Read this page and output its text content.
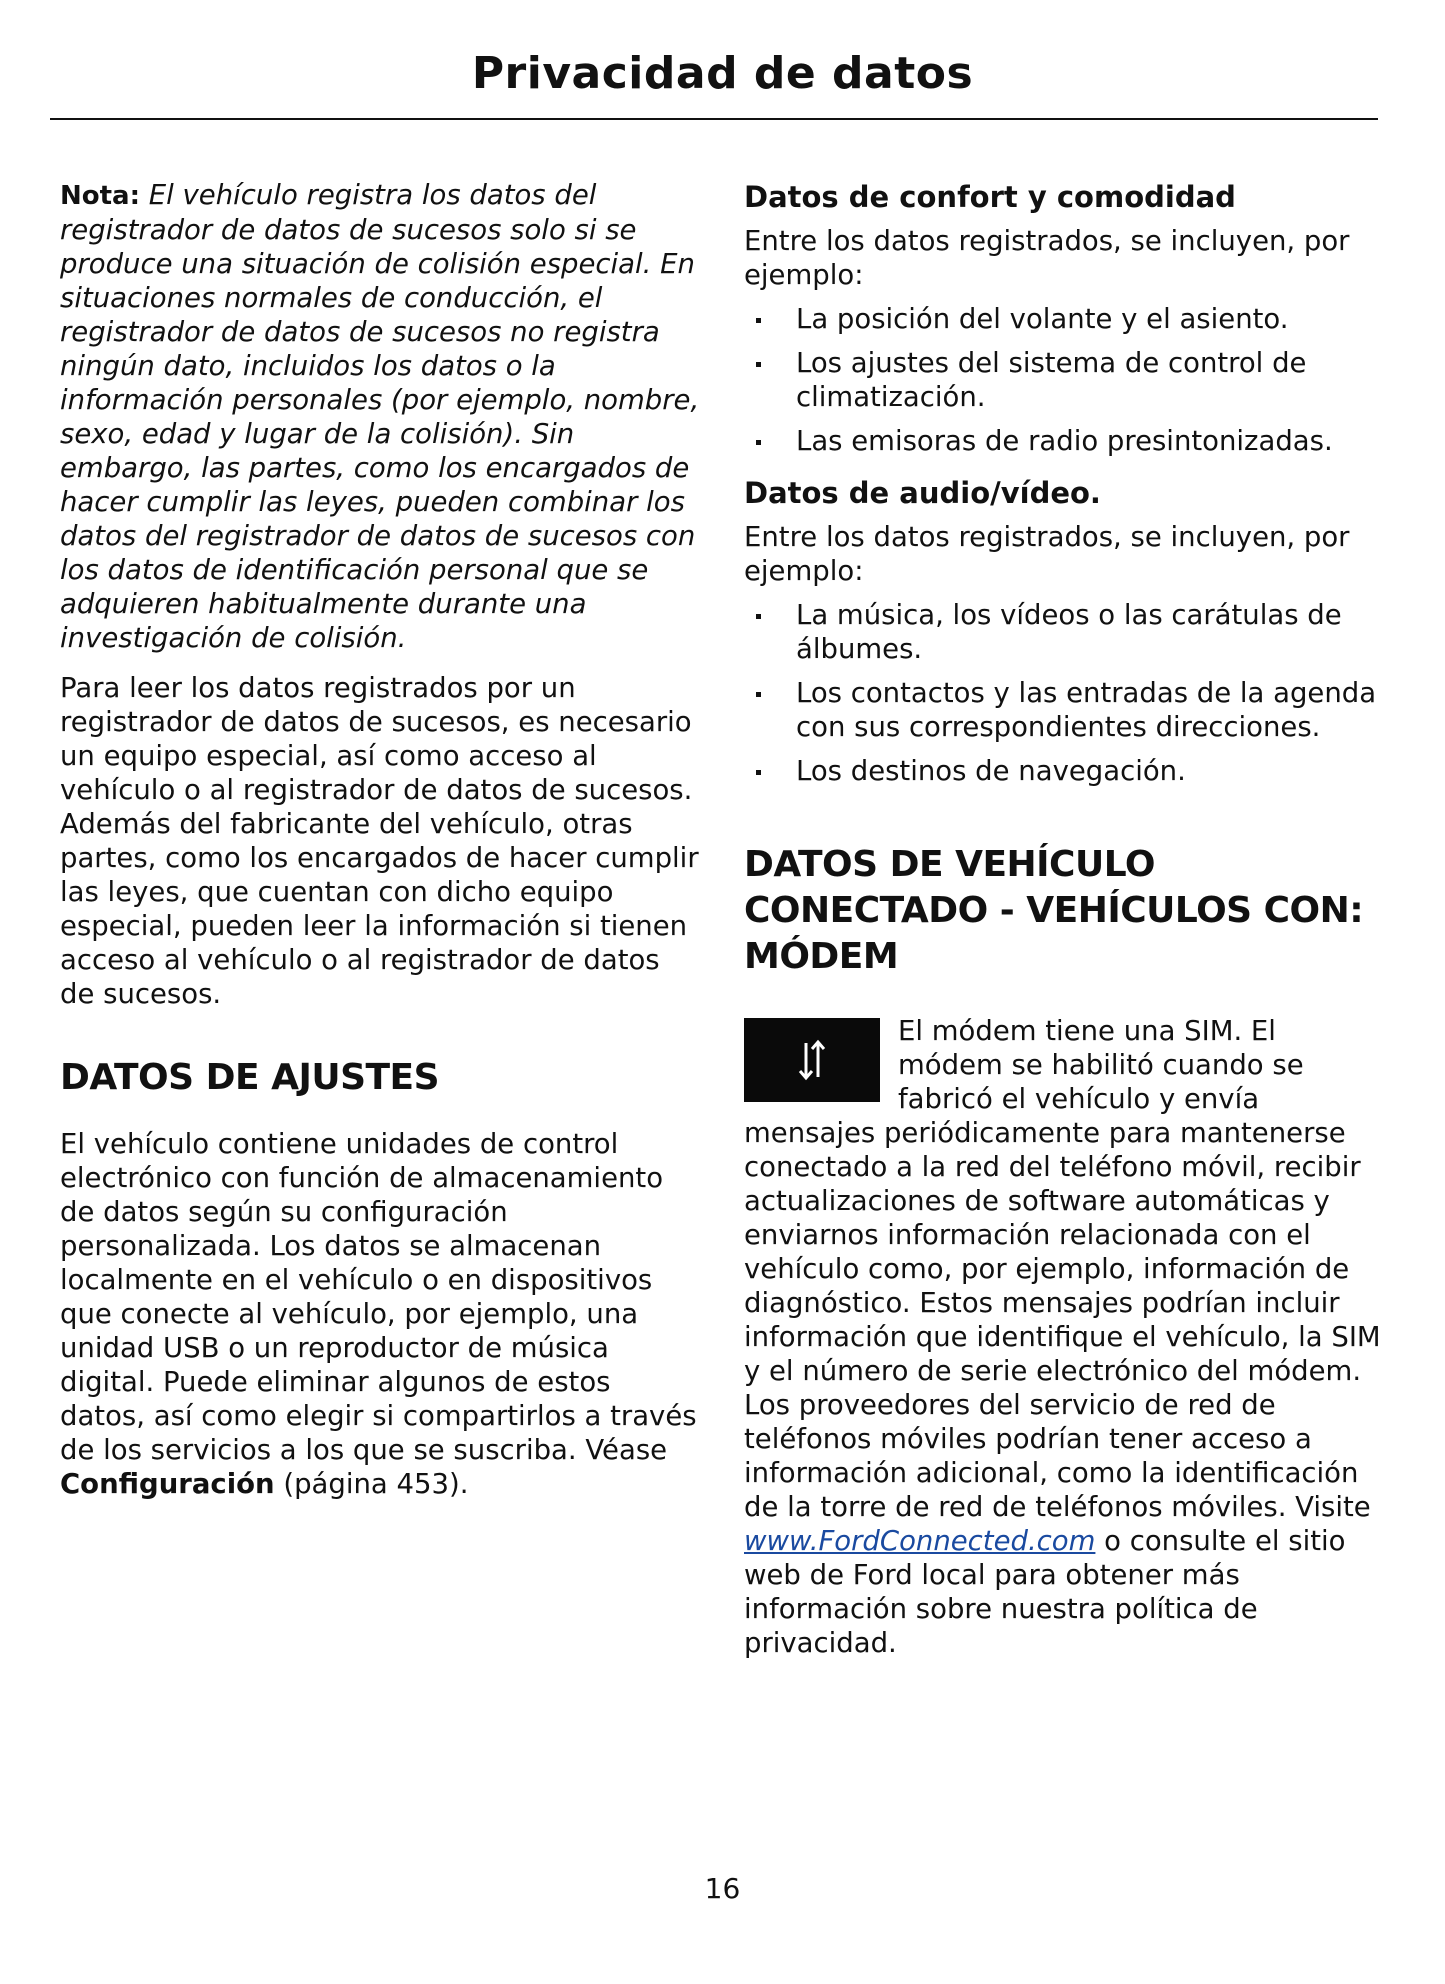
Privacidad de datos

Nota: El vehículo registra los datos del registrador de datos de sucesos solo si se produce una situación de colisión especial. En situaciones normales de conducción, el registrador de datos de sucesos no registra ningún dato, incluidos los datos o la información personales (por ejemplo, nombre, sexo, edad y lugar de la colisión). Sin embargo, las partes, como los encargados de hacer cumplir las leyes, pueden combinar los datos del registrador de datos de sucesos con los datos de identificación personal que se adquieren habitualmente durante una investigación de colisión.

Para leer los datos registrados por un registrador de datos de sucesos, es necesario un equipo especial, así como acceso al vehículo o al registrador de datos de sucesos. Además del fabricante del vehículo, otras partes, como los encargados de hacer cumplir las leyes, que cuentan con dicho equipo especial, pueden leer la información si tienen acceso al vehículo o al registrador de datos de sucesos.

DATOS DE AJUSTES

El vehículo contiene unidades de control electrónico con función de almacenamiento de datos según su configuración personalizada. Los datos se almacenan localmente en el vehículo o en dispositivos que conecte al vehículo, por ejemplo, una unidad USB o un reproductor de música digital. Puede eliminar algunos de estos datos, así como elegir si compartirlos a través de los servicios a los que se suscriba. Véase Configuración (página 453).

Datos de confort y comodidad

Entre los datos registrados, se incluyen, por ejemplo:

La posición del volante y el asiento.
Los ajustes del sistema de control de climatización.
Las emisoras de radio presintonizadas.
Datos de audio/vídeo.

Entre los datos registrados, se incluyen, por ejemplo:

La música, los vídeos o las carátulas de álbumes.
Los contactos y las entradas de la agenda con sus correspondientes direcciones.
Los destinos de navegación.
DATOS DE VEHÍCULO CONECTADO - VEHÍCULOS CON: MÓDEM

El módem tiene una SIM. El módem se habilitó cuando se fabricó el vehículo y envía mensajes periódicamente para mantenerse conectado a la red del teléfono móvil, recibir actualizaciones de software automáticas y enviarnos información relacionada con el vehículo como, por ejemplo, información de diagnóstico. Estos mensajes podrían incluir información que identifique el vehículo, la SIM y el número de serie electrónico del módem. Los proveedores del servicio de red de teléfonos móviles podrían tener acceso a información adicional, como la identificación de la torre de red de teléfonos móviles. Visite www.FordConnected.com o consulte el sitio web de Ford local para obtener más información sobre nuestra política de privacidad.

16
